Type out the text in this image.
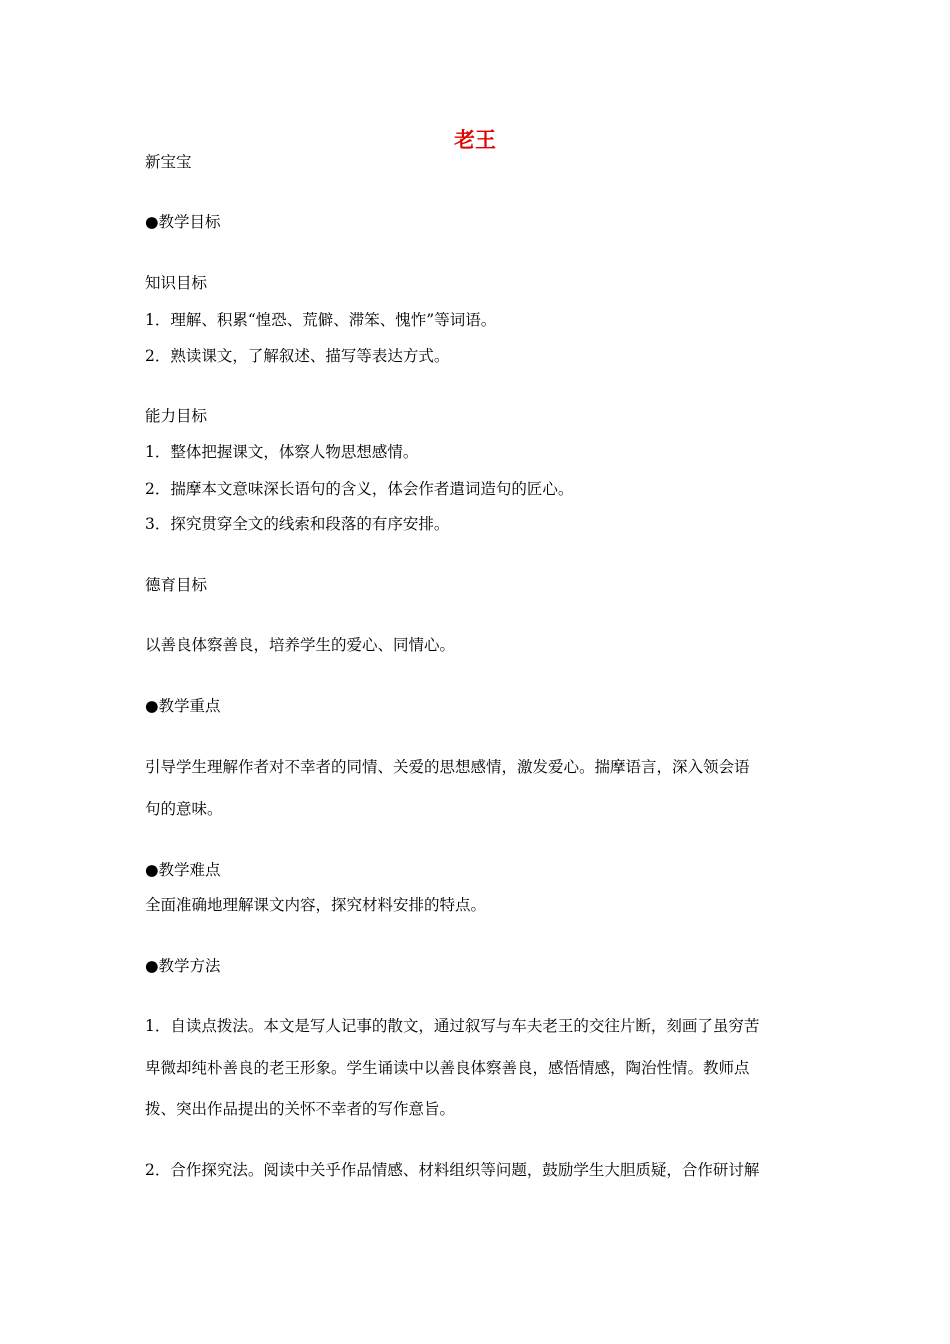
老王
新宝宝
●教学目标
知识目标
1．理解、积累“惶恐、荒僻、滞笨、愧怍”等词语。
2．熟读课文，了解叙述、描写等表达方式。
能力目标
1．整体把握课文，体察人物思想感情。
2．揣摩本文意味深长语句的含义，体会作者遣词造句的匠心。
3．探究贯穿全文的线索和段落的有序安排。
德育目标
以善良体察善良，培养学生的爱心、同情心。
●教学重点
引导学生理解作者对不幸者的同情、关爱的思想感情，激发爱心。揣摩语言，深入领会语
句的意味。
●教学难点
全面准确地理解课文内容，探究材料安排的特点。
●教学方法
1．自读点拨法。本文是写人记事的散文，通过叙写与车夫老王的交往片断，刻画了虽穷苦
卑微却纯朴善良的老王形象。学生诵读中以善良体察善良，感悟情感，陶治性情。教师点
拨、突出作品提出的关怀不幸者的写作意旨。
2．合作探究法。阅读中关乎作品情感、材料组织等问题，鼓励学生大胆质疑，合作研讨解
